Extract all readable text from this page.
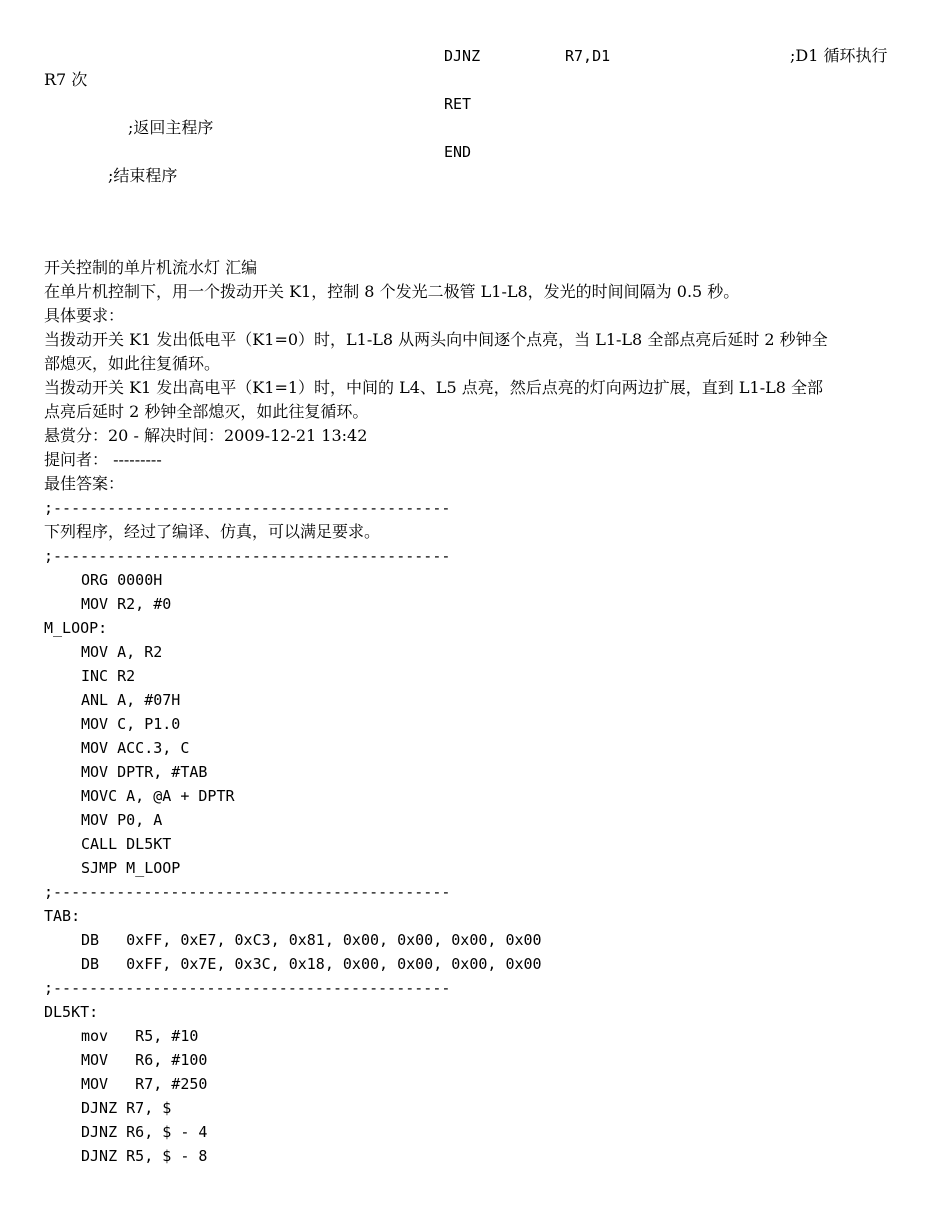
DJNZ	R7,D1	;D1 循环执行
R7 次
RET
;返回主程序
END
;结束程序
开关控制的单片机流水灯 汇编
在单片机控制下，用一个拨动开关 K1，控制 8 个发光二极管 L1-L8，发光的时间间隔为 0.5 秒。
具体要求：
当拨动开关 K1 发出低电平（K1=0）时，L1-L8 从两头向中间逐个点亮，当 L1-L8 全部点亮后延时 2 秒钟全
部熄灭，如此往复循环。
当拨动开关 K1 发出高电平（K1=1）时，中间的 L4、L5 点亮，然后点亮的灯向两边扩展，直到 L1-L8 全部
点亮后延时 2 秒钟全部熄灭，如此往复循环。
悬赏分：20 - 解决时间：2009-12-21 13:42
提问者： ---------
最佳答案：
;--------------------------------------------
下列程序，经过了编译、仿真，可以满足要求。
;--------------------------------------------
ORG 0000H
MOV R2, #0
M_LOOP:
MOV A, R2
INC R2
ANL A, #07H
MOV C, P1.0
MOV ACC.3, C
MOV DPTR, #TAB
MOVC A, @A + DPTR
MOV P0, A
CALL DL5KT
SJMP M_LOOP
;--------------------------------------------
TAB:
DB   0xFF, 0xE7, 0xC3, 0x81, 0x00, 0x00, 0x00, 0x00
DB   0xFF, 0x7E, 0x3C, 0x18, 0x00, 0x00, 0x00, 0x00
;--------------------------------------------
DL5KT:
mov   R5, #10
MOV   R6, #100
MOV   R7, #250
DJNZ R7, $
DJNZ R6, $ - 4
DJNZ R5, $ - 8
